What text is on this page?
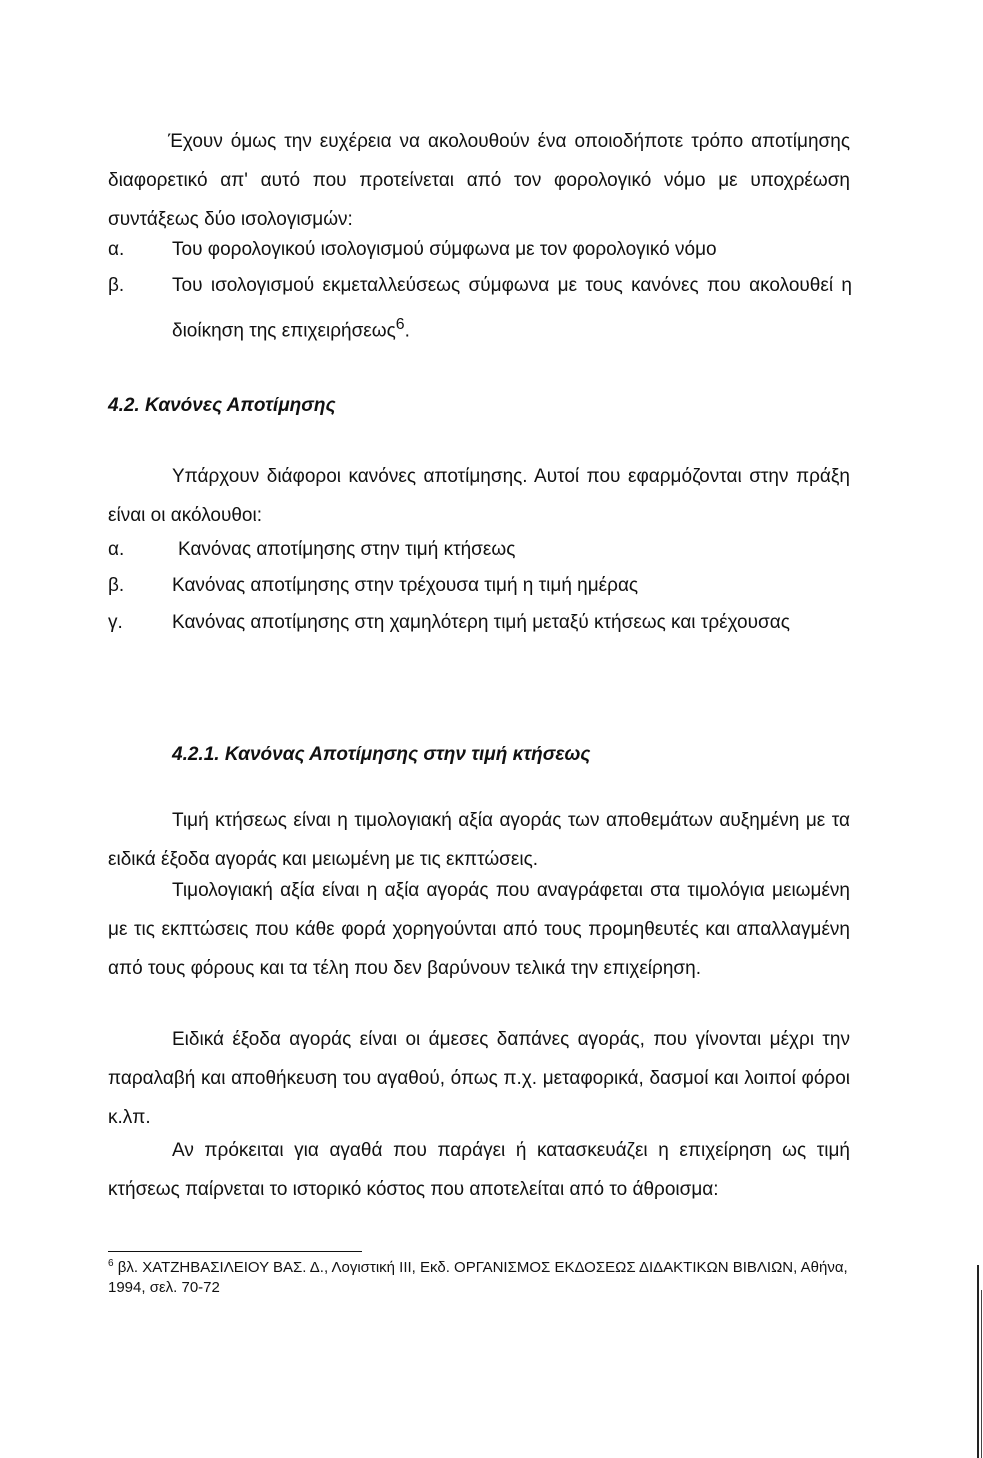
Έχουν όμως την ευχέρεια να ακολουθούν ένα οποιοδήποτε τρόπο αποτίμησης διαφορετικό απ' αυτό που προτείνεται από τον φορολογικό νόμο με υποχρέωση συντάξεως δύο ισολογισμών:

α.	Του φορολογικού ισολογισμού σύμφωνα με τον φορολογικό νόμο

β.	Του ισολογισμού εκμεταλλεύσεως σύμφωνα με τους κανόνες που ακολουθεί η διοίκηση της επιχειρήσεως$^6$.

4.2. Κανόνες Αποτίμησης

Υπάρχουν διάφοροι κανόνες αποτίμησης. Αυτοί που εφαρμόζονται στην πράξη είναι οι ακόλουθοι:

α.	Κανόνας αποτίμησης στην τιμή κτήσεως

β.	Κανόνας αποτίμησης στην τρέχουσα τιμή η τιμή ημέρας

γ.	Κανόνας αποτίμησης στη χαμηλότερη τιμή μεταξύ κτήσεως και τρέχουσας

4.2.1. Κανόνας Αποτίμησης στην τιμή κτήσεως

Τιμή κτήσεως είναι η τιμολογιακή αξία αγοράς των αποθεμάτων αυξημένη με τα ειδικά έξοδα αγοράς και μειωμένη με τις εκπτώσεις.

Τιμολογιακή αξία είναι η αξία αγοράς που αναγράφεται στα τιμολόγια μειωμένη με τις εκπτώσεις που κάθε φορά χορηγούνται από τους προμηθευτές και απαλλαγμένη από τους φόρους και τα τέλη που δεν βαρύνουν τελικά την επιχείρηση.

Ειδικά έξοδα αγοράς είναι οι άμεσες δαπάνες αγοράς, που γίνονται μέχρι την παραλαβή και αποθήκευση του αγαθού, όπως π.χ. μεταφορικά, δασμοί και λοιποί φόροι κ.λπ.

Αν πρόκειται για αγαθά που παράγει ή κατασκευάζει η επιχείρηση ως τιμή κτήσεως παίρνεται το ιστορικό κόστος που αποτελείται από το άθροισμα:

$^6$ βλ. ΧΑΤΖΗΒΑΣΙΛΕΙΟΥ ΒΑΣ. Δ., Λογιστική ΙΙΙ, Εκδ. ΟΡΓΑΝΙΣΜΟΣ ΕΚΔΟΣΕΩΣ ΔΙΔΑΚΤΙΚΩΝ ΒΙΒΛΙΩΝ, Αθήνα, 1994, σελ. 70-72
